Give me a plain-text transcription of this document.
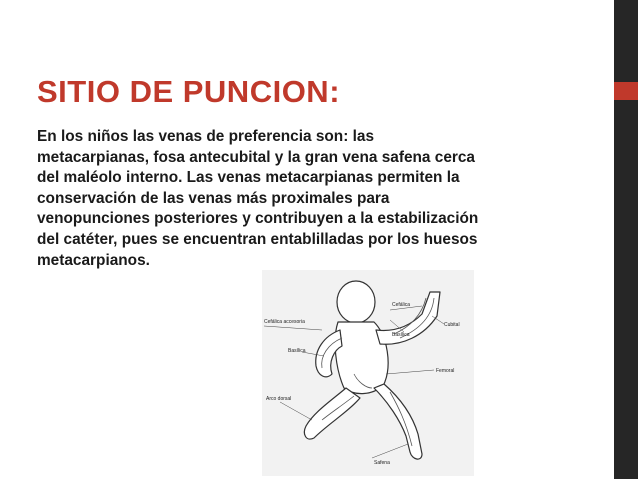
SITIO DE PUNCION:

En los niños las venas de preferencia son: las
metacarpianas, fosa antecubital y la gran vena safena cerca
del maléolo interno. Las venas metacarpianas permiten la
conservación de las venas más proximales para
venopunciones posteriores y contribuyen a la estabilización
del catéter, pues se encuentran entablilladas por los huesos
metacarpianos.

Cefálica
Cefálica accesoria	Cubital
Basílica
Basílica
Femoral
Arco dorsal
Safena
